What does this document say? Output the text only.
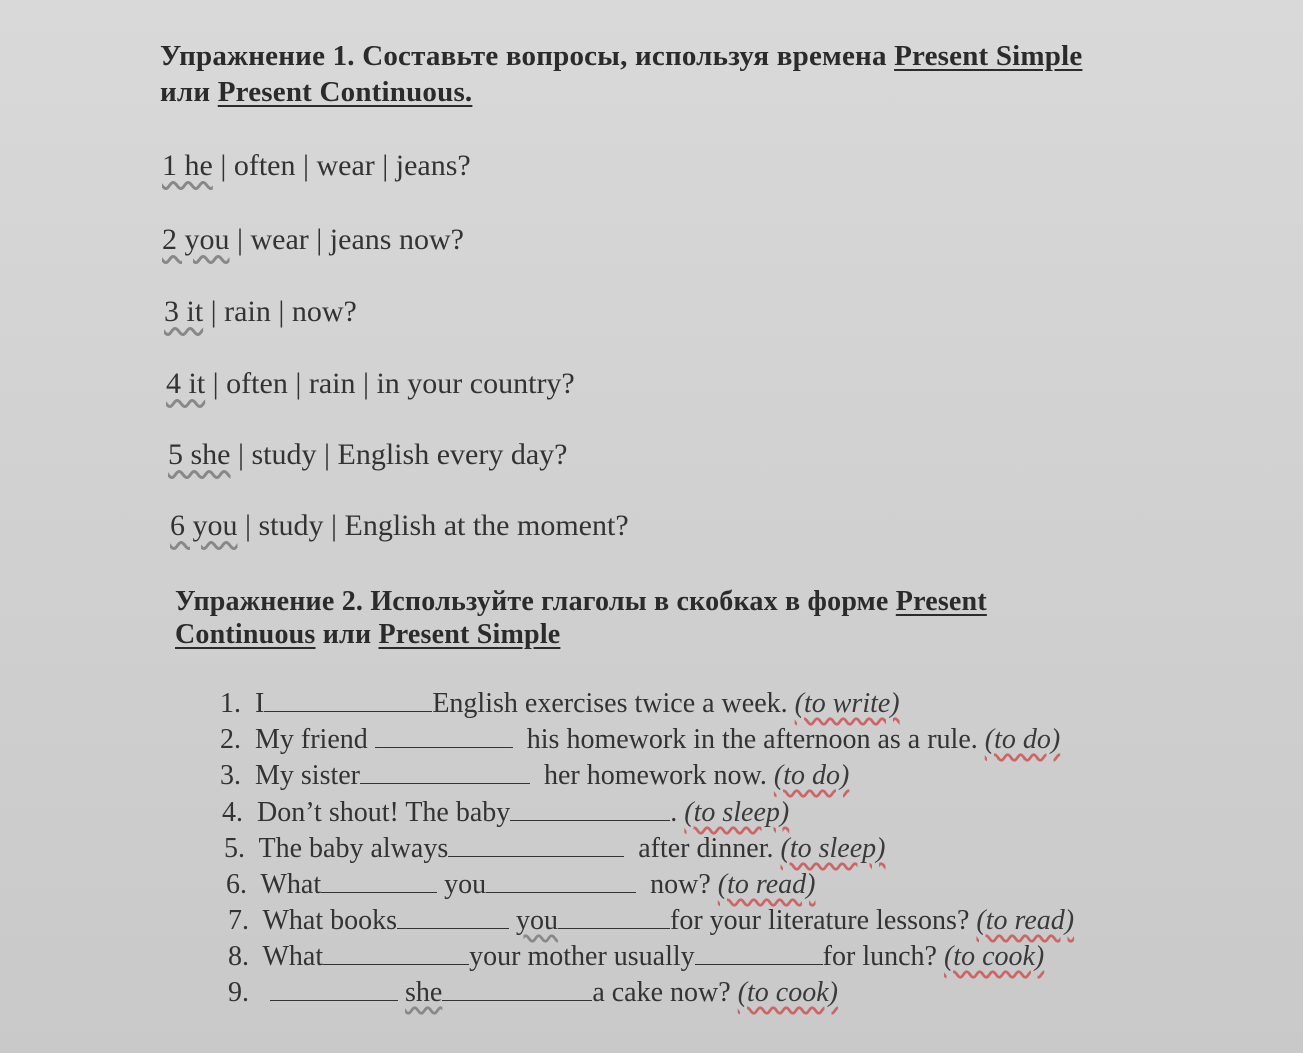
Упражнение 1. Составьте вопросы, используя времена Present Simple
или Present Continuous.
1 he | often | wear | jeans?
2 you | wear | jeans now?
3 it | rain | now?
4 it | often | rain | in your country?
5 she | study | English every day?
6 you | study | English at the moment?
Упражнение 2. Используйте глаголы в скобках в форме Present
Continuous или Present Simple
1. I	English exercises twice a week. (to write)
2. My friend	his homework in the afternoon as a rule. (to do)
3. My sister	her homework now. (to do)
4. Don’t shout! The baby	. (to sleep)
5. The baby always	after dinner. (to sleep)
6. What	you	now? (to read)
7. What books	you	for your literature lessons? (to read)
8. What	your mother usually	for lunch? (to cook)
9.	she	a cake now? (to cook)
